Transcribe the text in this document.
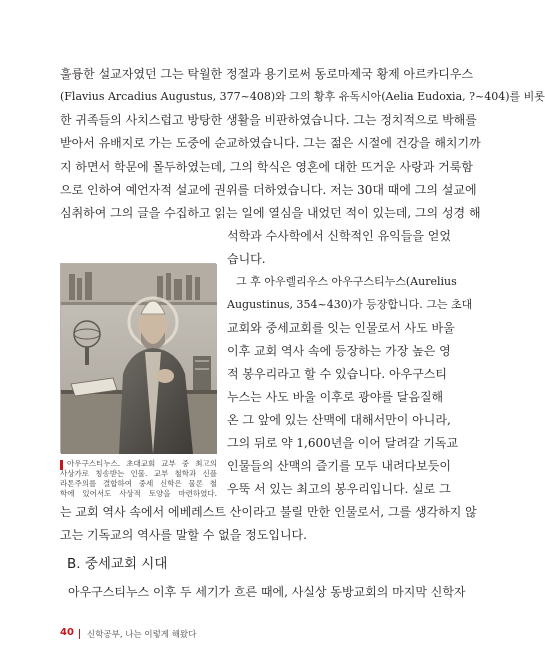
훌륭한 설교자였던 그는 탁월한 정절과 용기로써 동로마제국 황제 아르카디우스
(Flavius Arcadius Augustus, 377~408)와 그의 황후 유독시아(Aelia Eudoxia, ?~404)를 비롯
한 귀족들의 사치스럽고 방탕한 생활을 비판하였습니다. 그는 정치적으로 박해를
받아서 유배지로 가는 도중에 순교하였습니다. 그는 젊은 시절에 건강을 해치기까
지 하면서 학문에 몰두하였는데, 그의 학식은 영혼에 대한 뜨거운 사랑과 거룩함
으로 인하여 예언자적 설교에 권위를 더하였습니다. 저는 30대 때에 그의 설교에
심취하여 그의 글을 수집하고 읽는 일에 열심을 내었던 적이 있는데, 그의 성경 해
석학과 수사학에서 신학적인 유익들을 얻었
습니다.
그 후 아우렐리우스 아우구스티누스(Aurelius
Augustinus, 354~430)가 등장합니다. 그는 초대
교회와 중세교회를 잇는 인물로서 사도 바울
이후 교회 역사 속에 등장하는 가장 높은 영
적 봉우리라고 할 수 있습니다. 아우구스티
누스는 사도 바울 이후로 광야를 달음질해
온 그 앞에 있는 산맥에 대해서만이 아니라,
그의 뒤로 약 1,600년을 이어 달려갈 기독교
인물들의 산맥의 즐기를 모두 내려다보듯이
우뚝 서 있는 최고의 봉우리입니다. 실로 그
아우구스티누스. 초대교회 교부 중 최고의
사상가로 칭송받는 인물. 교부 철학과 신플
라톤주의를 결합하여 중세 신학은 물론 철
학에 있어서도 사상적 토양을 마련하였다.
는 교회 역사 속에서 에베레스트 산이라고 불릴 만한 인물로서, 그를 생각하지 않
고는 기독교의 역사를 말할 수 없을 정도입니다.
B. 중세교회 시대
아우구스티누스 이후 두 세기가 흐른 때에, 사실상 동방교회의 마지막 신학자
40 신학공부, 나는 이렇게 해왔다
